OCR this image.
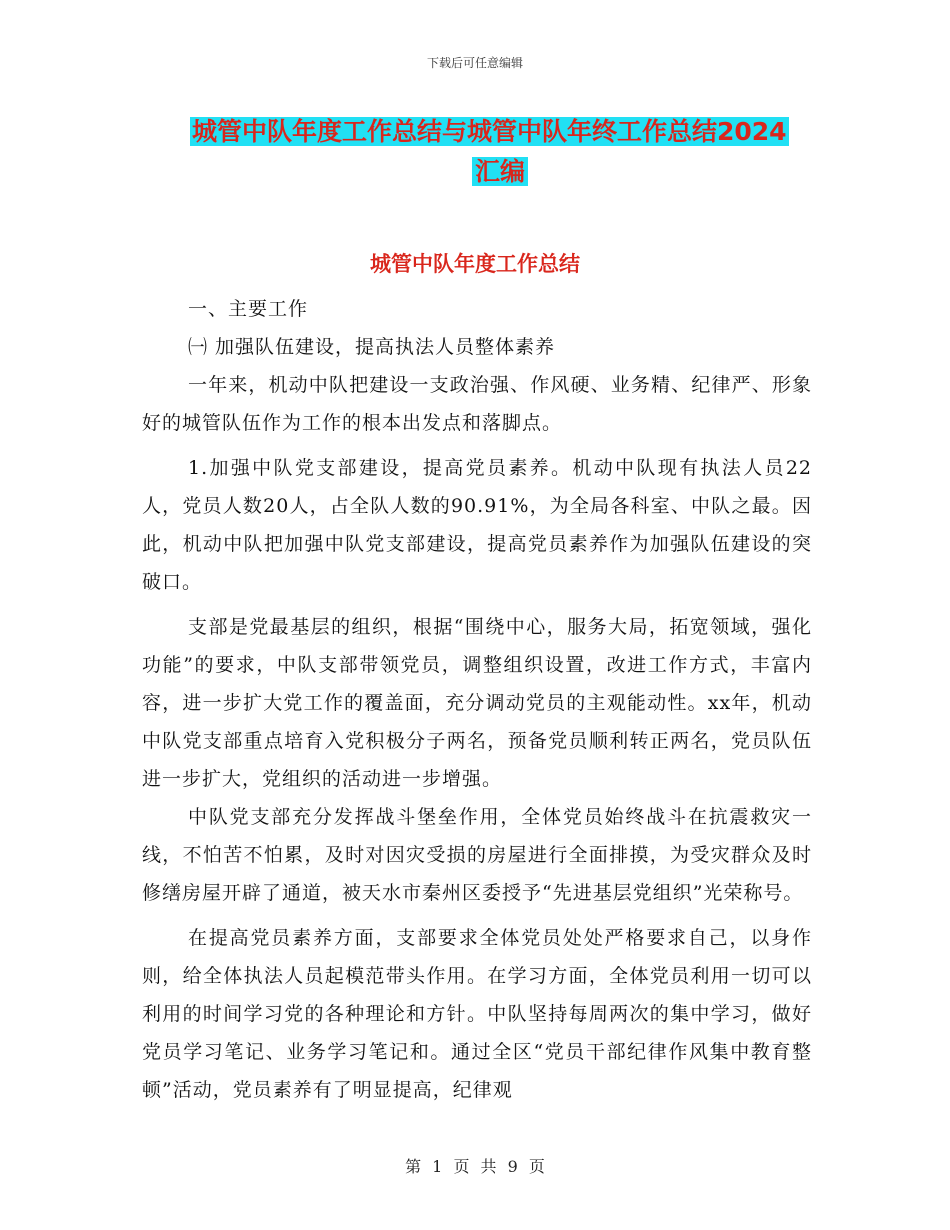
下载后可任意编辑
城管中队年度工作总结与城管中队年终工作总结2024
汇编
城管中队年度工作总结

一、主要工作

㈠ 加强队伍建设，提高执法人员整体素养

一年来，机动中队把建设一支政治强、作风硬、业务精、纪律严、形象好的城管队伍作为工作的根本出发点和落脚点。

1.加强中队党支部建设，提高党员素养。机动中队现有执法人员22人，党员人数20人，占全队人数的90.91%，为全局各科室、中队之最。因此，机动中队把加强中队党支部建设，提高党员素养作为加强队伍建设的突破口。

支部是党最基层的组织，根据“围绕中心，服务大局，拓宽领域，强化功能”的要求，中队支部带领党员，调整组织设置，改进工作方式，丰富内容，进一步扩大党工作的覆盖面，充分调动党员的主观能动性。xx年，机动中队党支部重点培育入党积极分子两名，预备党员顺利转正两名，党员队伍进一步扩大，党组织的活动进一步增强。

中队党支部充分发挥战斗堡垒作用，全体党员始终战斗在抗震救灾一线，不怕苦不怕累，及时对因灾受损的房屋进行全面排摸，为受灾群众及时修缮房屋开辟了通道，被天水市秦州区委授予“先进基层党组织”光荣称号。

在提高党员素养方面，支部要求全体党员处处严格要求自己，以身作则，给全体执法人员起模范带头作用。在学习方面，全体党员利用一切可以利用的时间学习党的各种理论和方针。中队坚持每周两次的集中学习，做好党员学习笔记、业务学习笔记和。通过全区“党员干部纪律作风集中教育整顿”活动，党员素养有了明显提高，纪律观

第 1 页 共 9 页
